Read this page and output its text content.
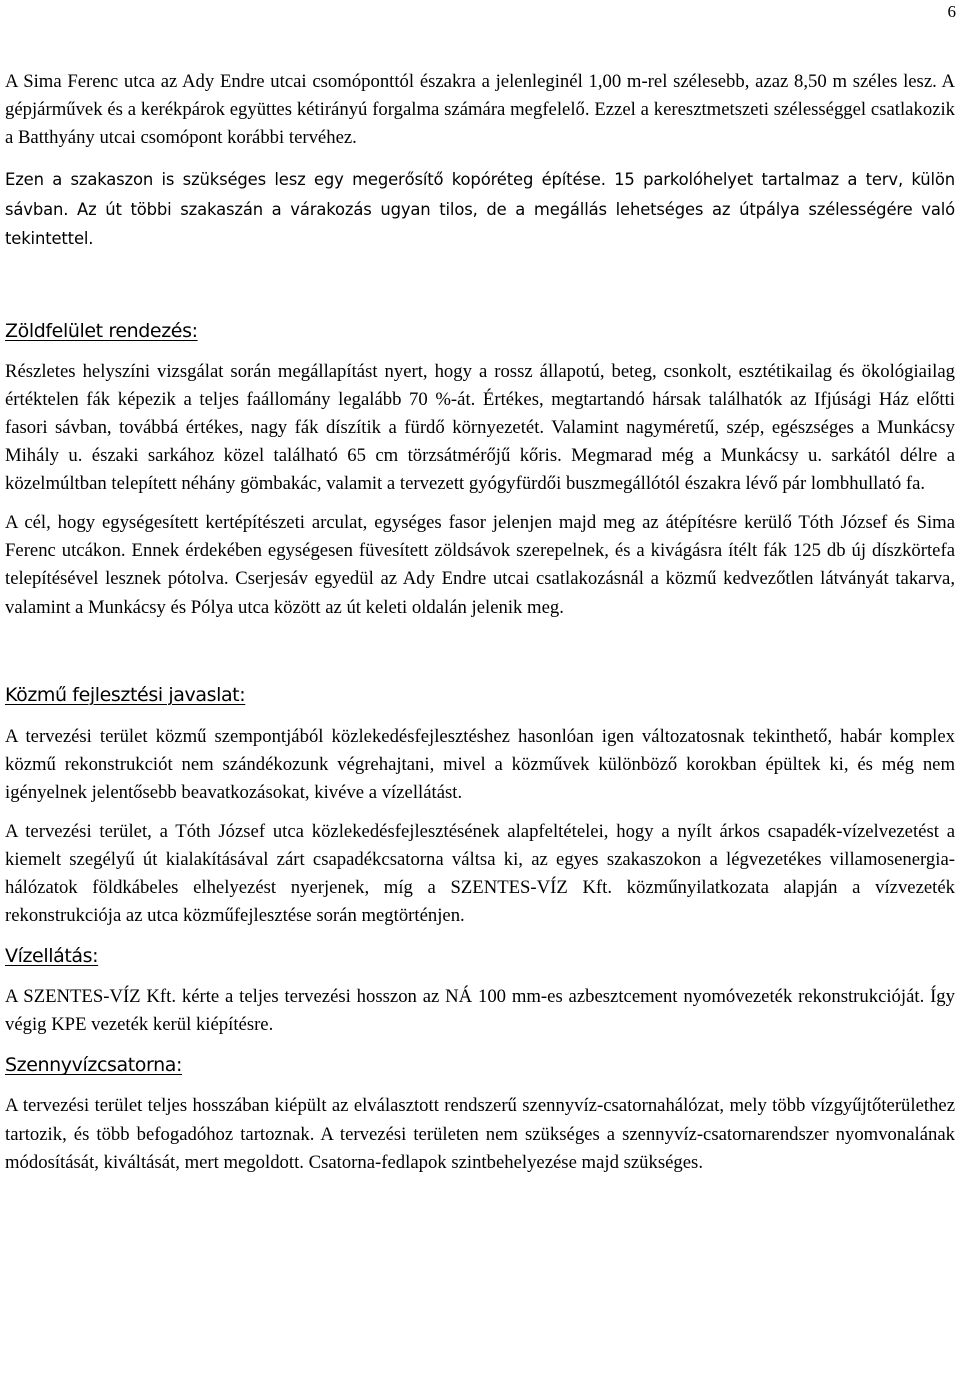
6

A Sima Ferenc utca az Ady Endre utcai csomóponttól északra a jelenleginél 1,00 m-rel szélesebb, azaz 8,50 m széles lesz. A gépjárművek és a kerékpárok együttes kétirányú forgalma számára megfelelő. Ezzel a keresztmetszeti szélességgel csatlakozik a Batthyány utcai csomópont korábbi tervéhez.

Ezen a szakaszon is szükséges lesz egy megerősítő kopóréteg építése. 15 parkolóhelyet tartalmaz a terv, külön sávban. Az út többi szakaszán a várakozás ugyan tilos, de a megállás lehetséges az útpálya szélességére való tekintettel.

Zöldfelület rendezés:

Részletes helyszíni vizsgálat során megállapítást nyert, hogy a rossz állapotú, beteg, csonkolt, esztétikailag és ökológiailag értéktelen fák képezik a teljes faállomány legalább 70 %-át. Értékes, megtartandó hársak találhatók az Ifjúsági Ház előtti fasori sávban, továbbá értékes, nagy fák díszítik a fürdő környezetét. Valamint nagyméretű, szép, egészséges a Munkácsy Mihály u. északi sarkához közel található 65 cm törzsátmérőjű kőris. Megmarad még a Munkácsy u. sarkától délre a közelmúltban telepített néhány gömbakác, valamit a tervezett gyógyfürdői buszmegállótól északra lévő pár lombhullató fa.

A cél, hogy egységesített kertépítészeti arculat, egységes fasor jelenjen majd meg az átépítésre kerülő Tóth József és Sima Ferenc utcákon. Ennek érdekében egységesen füvesített zöldsávok szerepelnek, és a kivágásra ítélt fák 125 db új díszkörtefa telepítésével lesznek pótolva. Cserjesáv egyedül az Ady Endre utcai csatlakozásnál a közmű kedvezőtlen látványát takarva, valamint a Munkácsy és Pólya utca között az út keleti oldalán jelenik meg.

Közmű fejlesztési javaslat:

A tervezési terület közmű szempontjából közlekedésfejlesztéshez hasonlóan igen változatosnak tekinthető, habár komplex közmű rekonstrukciót nem szándékozunk végrehajtani, mivel a közművek különböző korokban épültek ki, és még nem igényelnek jelentősebb beavatkozásokat, kivéve a vízellátást.

A tervezési terület, a Tóth József utca közlekedésfejlesztésének alapfeltételei, hogy a nyílt árkos csapadék-vízelvezetést a kiemelt szegélyű út kialakításával zárt csapadékcsatorna váltsa ki, az egyes szakaszokon a légvezetékes villamosenergia-hálózatok földkábeles elhelyezést nyerjenek, míg a SZENTES-VÍZ Kft. közműnyilatkozata alapján a vízvezeték rekonstrukciója az utca közműfejlesztése során megtörténjen.

Vízellátás:

A SZENTES-VÍZ Kft. kérte a teljes tervezési hosszon az NÁ 100 mm-es azbesztcement nyomóvezeték rekonstrukcióját. Így végig KPE vezeték kerül kiépítésre.

Szennyvízcsatorna:

A tervezési terület teljes hosszában kiépült az elválasztott rendszerű szennyvíz-csatornahálózat, mely több vízgyűjtőterülethez tartozik, és több befogadóhoz tartoznak. A tervezési területen nem szükséges a szennyvíz-csatornarendszer nyomvonalának módosítását, kiváltását, mert megoldott. Csatorna-fedlapok szintbehelyezése majd szükséges.
